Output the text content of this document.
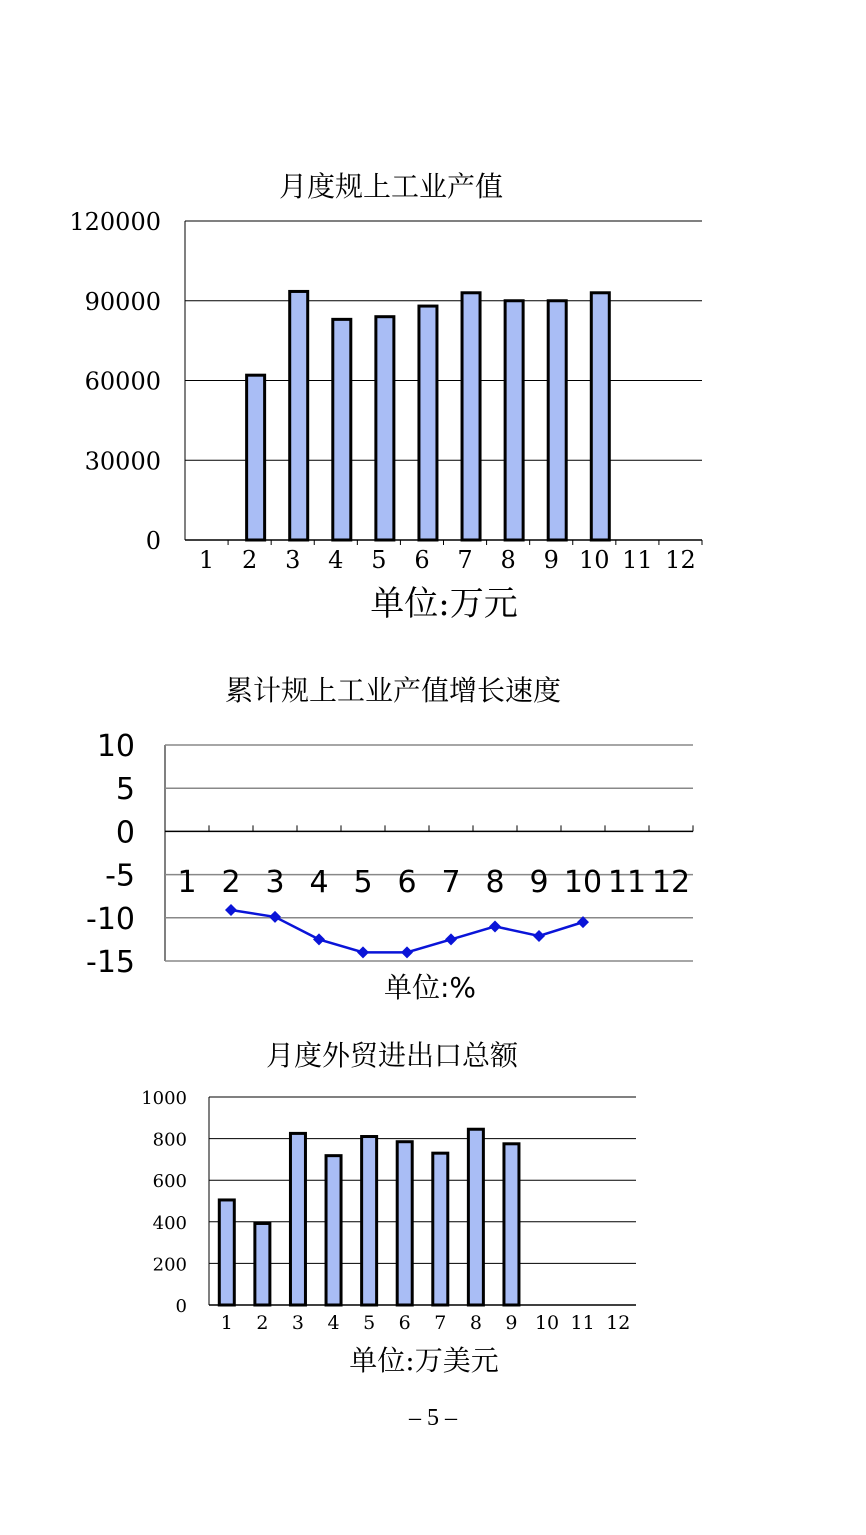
月度规上工业产值
0
30000
60000
90000
120000
1 2 3 4 5 6 7 8 9 10 11 12
单位:万元
累计规上工业产值增长速度
-15
-10
-5
0
5
10
1 2 3 4 5 6 7 8 9 10 11 12
单位:%
月度外贸进出口总额
0
200
400
600
800
1000
1 2 3 4 5 6 7 8 9 10 11 12
单位:万美元
– 5 –
